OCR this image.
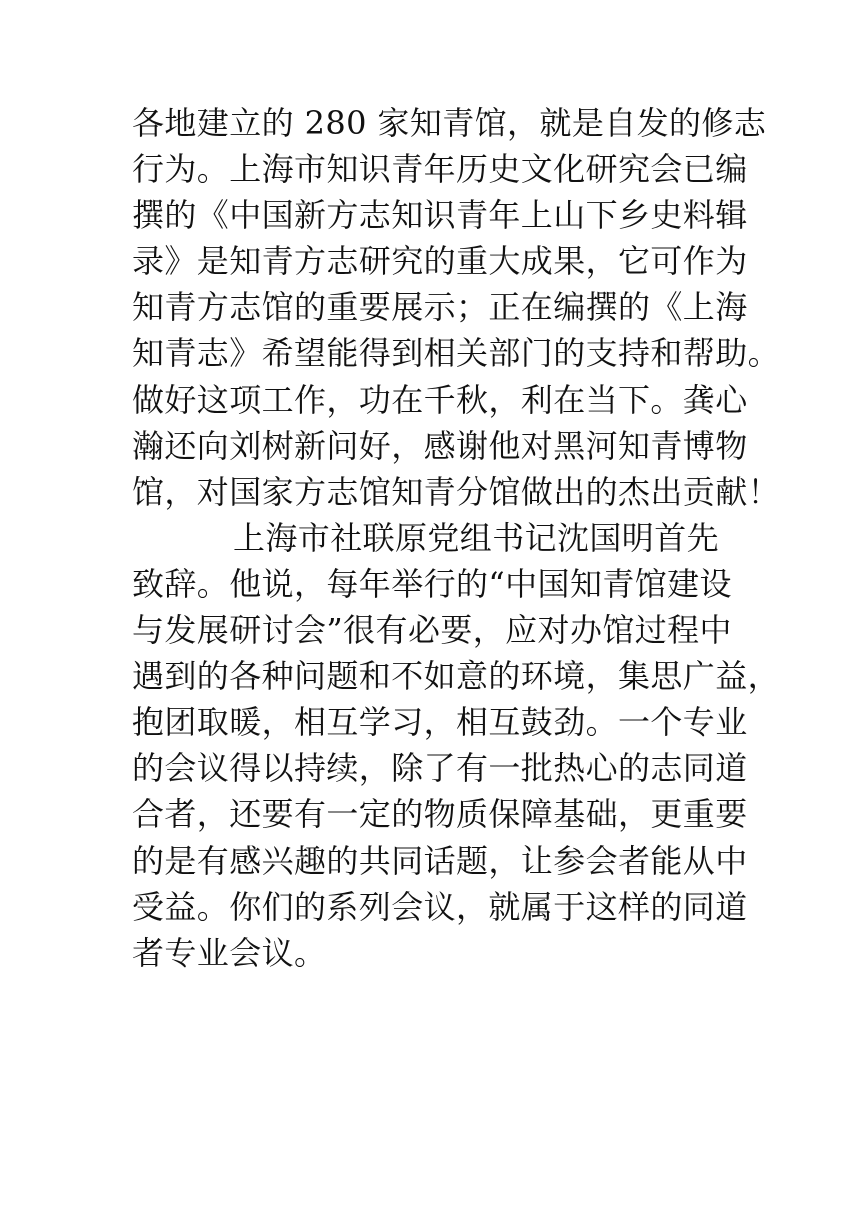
各地建立的 280 家知青馆，就是自发的修志
行为。上海市知识青年历史文化研究会已编
撰的《中国新方志知识青年上山下乡史料辑
录》是知青方志研究的重大成果，它可作为
知青方志馆的重要展示；正在编撰的《上海
知青志》希望能得到相关部门的支持和帮助。
做好这项工作，功在千秋，利在当下。龚心
瀚还向刘树新问好，感谢他对黑河知青博物
馆，对国家方志馆知青分馆做出的杰出贡献！
上海市社联原党组书记沈国明首先
致辞。他说，每年举行的“中国知青馆建设
与发展研讨会”很有必要，应对办馆过程中
遇到的各种问题和不如意的环境，集思广益，
抱团取暖，相互学习，相互鼓劲。一个专业
的会议得以持续，除了有一批热心的志同道
合者，还要有一定的物质保障基础，更重要
的是有感兴趣的共同话题，让参会者能从中
受益。你们的系列会议，就属于这样的同道
者专业会议。
